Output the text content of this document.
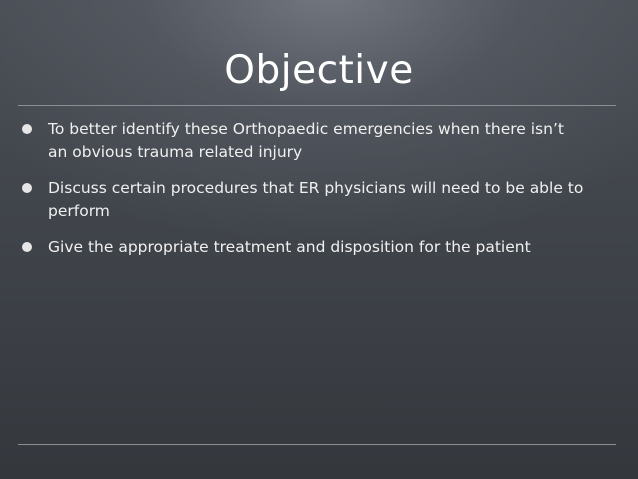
Objective
To better identify these Orthopaedic emergencies when there isn’t an obvious trauma related injury
Discuss certain procedures that ER physicians will need to be able to perform
Give the appropriate treatment and disposition for the patient
